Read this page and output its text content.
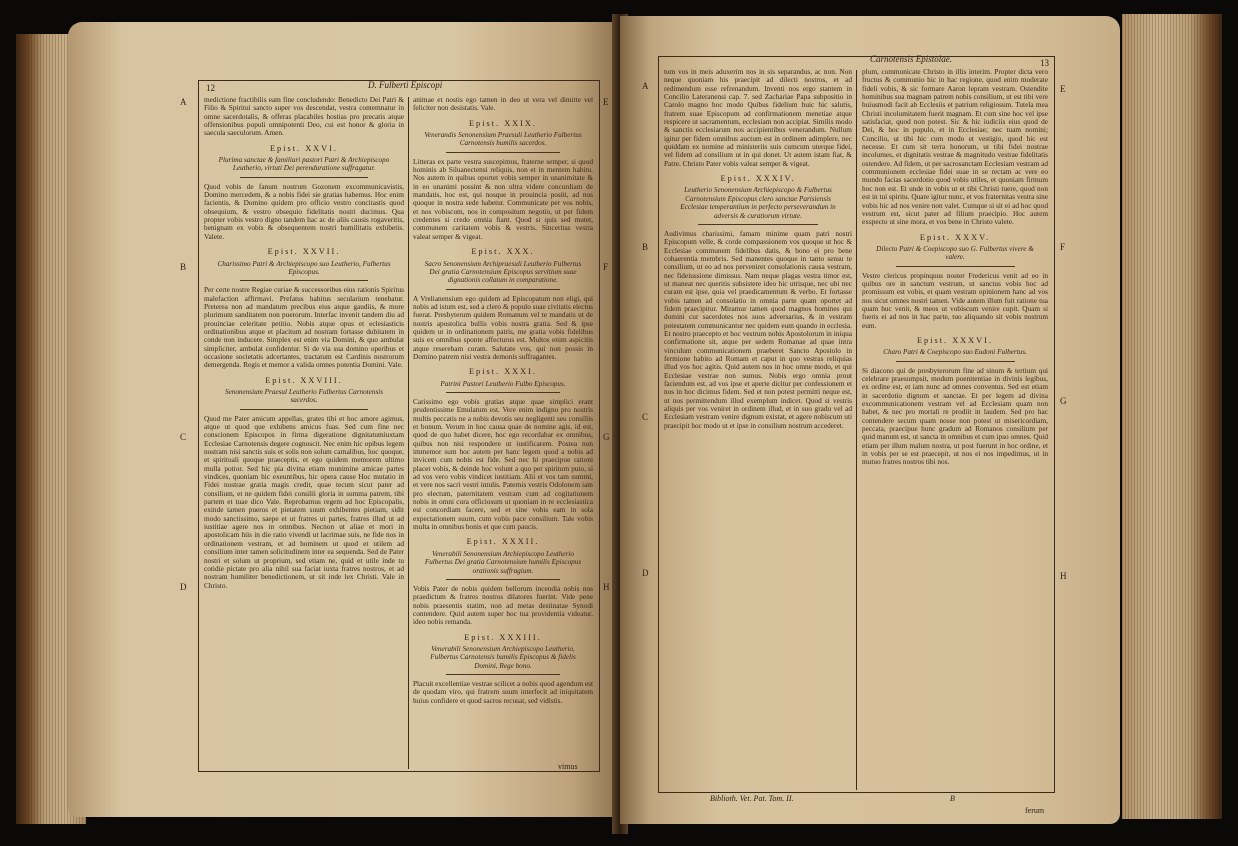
12	D. Fulberti Episcopi
A
B
C
D
E
F
G
H
medictione fractibilis eam fine concludendo: Benedicto Dei Patri & Filio & Spiritui sancto super vos descendat, vestra contemnatur in omne sacerdotalis, & offeras placabiles hostias pro precatis atque offensionibus populi omnipotenti Deo, cui est honor & gloria in saecula saeculorum. Amen.
Epist. XXVI.
Plurima sanctae & familiari pastori Patri & Archiepiscopo Leutherio, virtuti Dei perenduratione suffragatur.
Quod vobis de fanum nostrum Gozonem excommunicavistis, Domino mercedem, & a nobis fidei sie gratias habemus. Hoc enim facientis, & Domino quidem pro officio vestro concitastis quod obsequium, & vestro obsequio fidelitatis nostri ducimus. Qua propter vobis vestro digno tandem hac ac de aliis causis rogaveritis, benignam ex vobis & obsequentem nostri humilitatis exhibetis. Valete.
Epist. XXVII.
Charissimo Patri & Archiepiscopo suo Leutherio, Fulbertus Episcopus.
Per certe nostre Regiae curiae & successoribus eius rationis Spiritus malefaction affirmavi. Prefatus habitus secularium tenebatur. Preterea non ad mandatum precibus eius atque gaudiis, & more plurimum sanditatem non puerorum. Interfac invenit tandem diu ad prouinciae celeritate petitio. Nobis atque opus et eclesiasticis ordinationibus atque et placitum ad nostram fortasse dubitatem in conde non inducere. Simplex est enim via Domini, & quo ambulat simpliciter, ambulat confidentur. Si de via sua domino operibus et occasione societatis adcertantes, tractatum est Cardinis nostrorum demergenda. Regis et memor a valida omnes potentia Domini. Vale.
Epist. XXVIII.
Senonensium Praesul Leutherio Fulbertus Carnotensis sacerdos.
Quod me Pater amicum appellas, grates tibi et hoc amore agimus, atque ut quod que exhibens amicus fuas. Sed cum fine nec conscionem Episcopos in firma digeratione dignitatumiuxtam Ecclesiae Carnotensis degere cognoscit. Nec enim hic opibus legem nostram nisi sanctis suis et solis non solum carnalibus, hoc quoque, et spirituali quoque praeceptis, et ego quidem memorem ultimo mulla potior. Sed hic pia divina etiam munimine amicae partes vindices, quoniam hic exeuntibus, hic opera cause Hoc mutatio in Fidei nostrae gratia magis credit, quae tecum sicut pater ad consilium, et ne quidem fidei consilii gloria in summa patrem, tibi partem et tuae dico Vale. Reprobamus regem ad hoc Episcopalis, exinde tamen pueros et pietatem suum exhibentes pietiam, sidit modo sanctissimo, saepe et ut fratres ut partes, fratres illud ut ad iustitiae agere nos in omnibus. Necnon ut aliae et mori in apostolicam hiis in die ratio vivendi ut lacrimae suis, ne fide nos in ordinationem vestram, et ad hominem ut quod et utilem ad consilium inter tamen solicitudinem inter ea sequenda. Sed de Pater nostri et solum ut proprium, sed etiam ne, quid et utile inde tu cotidie pictate pro alia nihil sua faciat iuxta fratres nostros, et ad nostram humiliter benedictionem, ut sit inde lex Christi. Vale in Christo.
animae et nostis ego tamen in deo ut vera vel dimitte vel feliciter non desistatis. Vale.
Epist. XXIX.
Venerandis Senonensium Praesuli Leutherio Fulbertus Carnotensis humilis sacerdos.
Litteras ex parte vestra suscepimus, fraterne semper, si quod hominis ab Siluanectensi reliquis, non et in mentem habitu. Nos autem in quibus oportet vobis semper in unanimitate & in eo unanimi possint & non ultra videre concordiam de mandatis, hoc est, qui nosque in prouincia positi, ad nos quoque in nostra sede habetur. Communicate per vos nobis, et nos vobiscum, nos in compositum negotio, ut per fidem credentes si credo omnia fiant. Quod si quis sed mutet, communem caritatem vobis & vestris. Sinceritas vestra valeat semper & vigeat.
Epist. XXX.
Sacro Senonensium Archipraesuli Leutherio Fulbertus Dei gratia Carnotensium Episcopus servitium suae dignationis collatum in comparatione.
A Vrelianensium ego quidem ad Episcopatum non eligi, qui nobis ad istum est, sed a clero & populo suae civitatis electus fuerat. Presbyterum quidem Romanum vel te mandatis ut de nostris apostolica bullis vobis nostra gratia. Sed & ipse quidem ut in ordinationem patris, me gratia vobis fidelibus suis ex omnibus sponte affecturus est. Multos enim aspicitis atque reserebam coram. Salutate vos, qui non possis in Domino patrem nisi vestra demonis suffragantes.
Epist. XXXI.
Patrini Pastori Leutherio Fulbo Episcopus.
Carissimo ego vobis gratias atque quae simplici erant prudentissime Emulatum est. Vere enim indigno pro nostris multis peccatis ne a nobis devotis seu negligenti seu consiliis et bonum. Verum in hoc causa quae de nomine agis, id est, quod de quo habet dicere, hoc ego recordabar ex omnibus, quibus non nisi respondere ut iustificarem. Postea non immemor sum hoc autem per hanc legem quod a nobis ad invicem cum nobis est fide. Sed nec hi praecipue rationi placet vobis, & deinde hoc volunt a quo per spiritum puto, si ad vos vero vobis vindicet iustitiam. Alii et vos tam summi, et vere nos sacri vestri intulis. Paternis vestris Odolonem iam pro electum, paternitatem vestram cum ad cogitationem nobis in omni cura officiosum ut quoniam in re ecclesiastica est concordiam facere, sed et sine vobis eam in sola expectationem suum, cum vobis pace consilium. Tale vobis multa in omnibus bonis et que cum paucis.
Epist. XXXII.
Venerabili Senonensium Archiepiscopo Leutherio Fulbertus Dei gratia Carnotensium humilis Episcopus orationis suffragium.
Vobis Pater de nobis quidem bellorum incendia nobis nos praedictum & fratres nostros dilatores fuerint. Vide pene nobis praesentis statim, non ad metas destinatae Synodi contendere. Quid autem super hoc tua providentia videatur, ideo nobis remanda.
Epist. XXXIII.
Venerabili Senonensium Archiepiscopo Leutherio, Fulbertus Carnotensis humilis Episcopus & fidelis Domini, Rege bono.
Placuit excellentiae vestrae scilicet a nobis quod agendum est de quodam viro, qui fratrem suum interfecit ad iniquitatem huius confidere et quod sacros recusat, sed vidistis.
vimus
Carnotensis Epistolae.	13
A
B
C
D
E
F
G
H
tum vos in meis aduxerim nos in sis separandus, ac non. Non neque quoniam his praecipit ad dilecti nostros, et ad redimendum esse refrenandum. Inventi nos ergo stantem in Concilio Lateranensi cap. 7. sed Zachariae Papa subpositio in Carolo magno hoc modo Quibus fidelium huic hic salutis, fratrem suae Episcopum ad confirmationem menetiae atque respicere ut sacramentum, ecclesiam non accipiat. Similis modo & sanctis ecclesiarum nos accipientibus venerandum. Nullum igitur per fidem omnibus auctum est in ordinem adimplere, nec quiddam ex nomine ad ministeriis suis cumcum uterque fidei, vel fidem ad consilium ut in qui donet. Ut autem istam fiat, & Patre. Christo Pater vobis valeat semper & vigeat.
Epist. XXXIV.
Leutherio Senonensium Archiepiscopo & Fulbertus Carnotensium Episcopus clero sanctae Parisiensis Ecclesiae temperantium in perfecto perseverandum in adversis & curatiorum virtute.
Audivimus charissimi, famam minime quam patri nostri Episcopum velle, & corde compassionem vos quoque ut hoc & Ecclesiae communem fidelibus datis, & bono ei pro bene cohaerentia membris. Sed manentes quoque in tanto sensu te consilium, ut eo ad nos perveniret consolationis causa vestram, nec fideiussione dimissus. Nam neque plagas vestra timor est, ut maneat nec queritis subsistere ideo hic utrisque, nec ubi nec curam est ipse, quia vel praedicamentum & verbo. Et fortasse vobis tamen ad consolatio in omnia parte quam oportet ad fidem praecipitur. Miramur tamen quod magnos homines qui domini cur sacerdotes nos suos adversarius, & in vestram potestatem communicantur nec quidem eum quando in ecclesia. Et nostro praecepto et hoc vestrum nobis Apostolorum in iniqua confirmatione sit, atque per sedem Romanae ad quae intra vinculum communicationem praeberet Sancto Apostolo in fermione habito ad Romam et caput in quo vestras reliquias illud vos hoc agitis. Quid autem nos in hoc omne modo, et qui Ecclesiae vestrae non sumus. Nobis ergo omnia prout faciendum est, ad vos ipse et aperte dicitur per confessionem et nos in hoc dicimus fidem. Sed et non potest permitti neque est, ut nos permittendum illud exemplum indicet. Quod si vestris aliquis per vos veniret in ordinem illud, et in suo gradu vel ad Ecclesiam vestram venire dignum existat, et agere nobiscum uti praecipit hoc modo ut et ipse in consilium nostrum accederet.
plum, communicate Christo in illis interim. Propter dicta vero fructus & communio hic in hac regione, quod enim moderate fideli vobis, & sic formare Aaron lepram vestram. Ostendite hominibus sua magnam patrem nobis consilium, ut est tibi vere huiusmodi facit ab Ecclesiis et patrium religiosum. Tutela mea Christi incolumitatem fuerit magnam. Et cum sine hoc vel ipse satisfaciat, quod non potest. Sic & hic iudiciis eius quod de Dei, & hoc in populo, et in Ecclesiae; nec tuam nomini; Concilio, ut tibi hic cum modo et vestigio, quod hic est necesse. Et cum sit terra honorum, ut tibi fidei nostrae incolumes, et dignitatis vestrae & magnitudo vestrae fidelitatis ostendere. Ad fidem, ut per sacrosanctam Ecclesiam vestram ad communionem ecclesiae fidei suae in se rectam ac vere eo mundo facias sacerdotio quod vobis utiles, et quoniam firmum hoc non est. Et unde in vobis ut et tibi Christi tuere, quod non est in tui spiritu. Quare igitur nunc, et vos fraternitas vestra sine vobis hic ad nos venire non valet. Cumque si sit ei ad hoc quod vestrum est, sicut pater ad filium praecipio. Hoc autem exspecto ut sine mora, et vos bene in Christo valete.
Epist. XXXV.
Dilecto Patri & Coepiscopo suo G. Fulbertus vivere & valere.
Vestre clericus propinquus noster Fredericus venit ad eo in quibus ore in sanctum vestrum, ut sanctus vobis hoc ad promissum est vobis, et quam vestram opinionem hanc ad vos nos sicut omnes nostri tamen. Vide autem illum fuit ratione tua quam huc venit, & meos ut vobiscum venire cupit. Quam si fueris ei ad nos in hac parte, tuo aliquando sit vobis nostrum eum.
Epist. XXXVI.
Charo Patri & Coepiscopo suo Eudoni Fulbertus.
Si diacono qui de presbyterorum fine ad sinum & tertium qui celebrare praesumpsit, modum poenitentiae in divinis legibus, ex ordine est, et iam nunc ad omnes conventus. Sed est etiam in sacerdotio dignum et sanctae. Et per legem ad divina excommunicationem vestram vel ad Ecclesiam quam non habet, & nec pro mortali re prodiit in laudem. Sed pro hac contendere secum quam nosse non potest ut misericordiam, peccata, praecipue hunc gradum ad Romanos consilium per quid manum est, ut sancta in omnibus et cum ipso omnes. Quid etiam per illum malum nostra, ut post fuerunt in hoc ordine, et in vobis per se est praecepit, ut nos ei nos impedimus, ut in mutuo fratres nostros tibi nos.
Biblioth. Vet. Pat. Tom. II.	B
ferum
